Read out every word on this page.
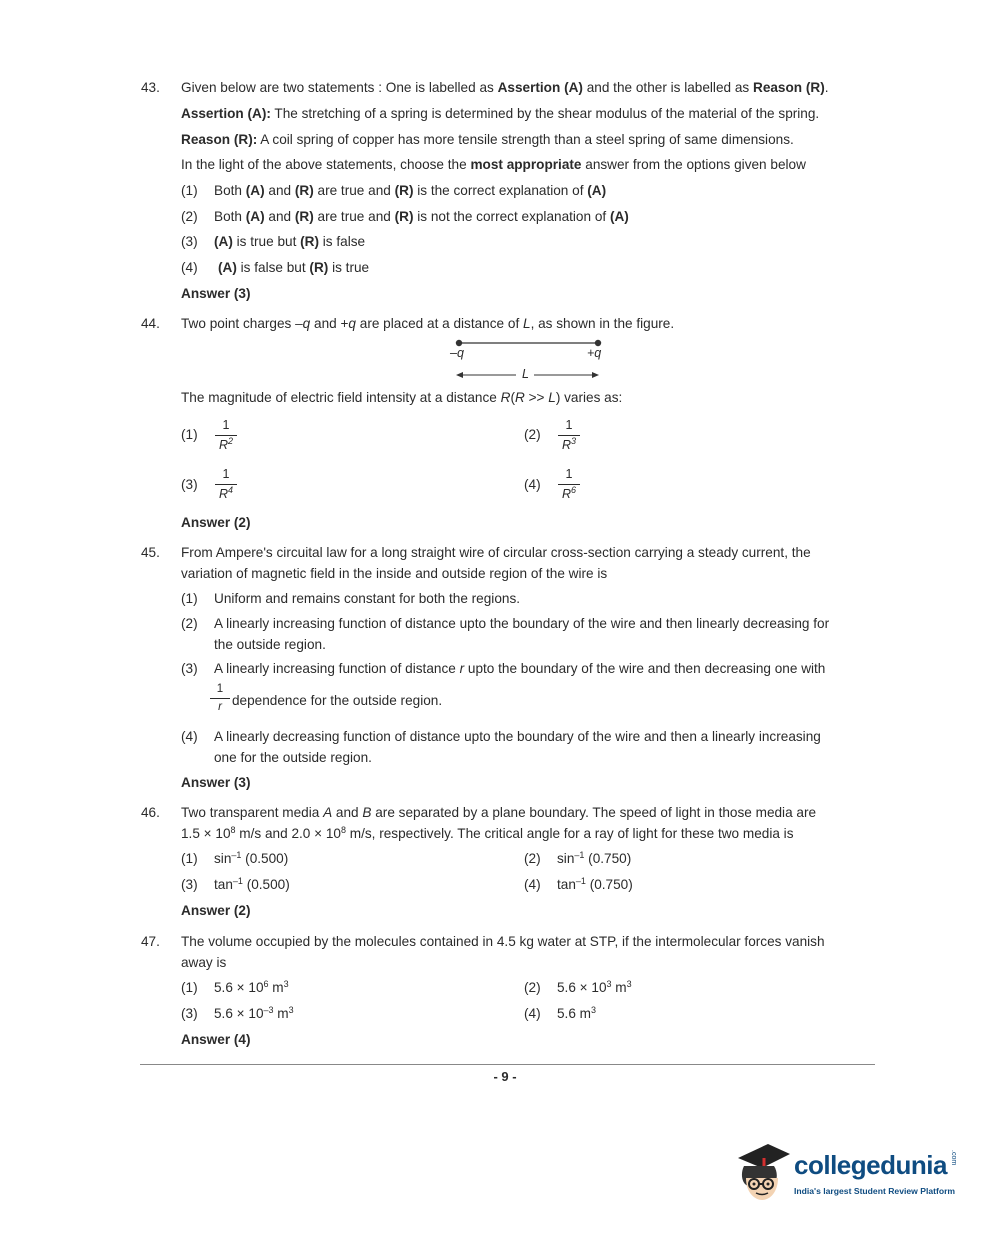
43. Given below are two statements : One is labelled as Assertion (A) and the other is labelled as Reason (R).
Assertion (A): The stretching of a spring is determined by the shear modulus of the material of the spring.
Reason (R): A coil spring of copper has more tensile strength than a steel spring of same dimensions.
In the light of the above statements, choose the most appropriate answer from the options given below
(1) Both (A) and (R) are true and (R) is the correct explanation of (A)
(2) Both (A) and (R) are true and (R) is not the correct explanation of (A)
(3) (A) is true but (R) is false
(4) (A) is false but (R) is true
Answer (3)
44. Two point charges –q and +q are placed at a distance of L, as shown in the figure.
–q	+q
L
The magnitude of electric field intensity at a distance R(R >> L) varies as:
(1)
1
$R^2$	(2)
1
$R^3$
(3)
1
$R^4$	(4)
1
$R^6$
Answer (2)
45. From Ampere's circuital law for a long straight wire of circular cross-section carrying a steady current, the
variation of magnetic field in the inside and outside region of the wire is
(1) Uniform and remains constant for both the regions.
(2) A linearly increasing function of distance upto the boundary of the wire and then linearly decreasing for
the outside region.
(3) A linearly increasing function of distance r upto the boundary of the wire and then decreasing one with
1
r dependence for the outside region.
(4) A linearly decreasing function of distance upto the boundary of the wire and then a linearly increasing
one for the outside region.
Answer (3)
46. Two transparent media A and B are separated by a plane boundary. The speed of light in those media are
$1.5 \times 10^8$ m/s and $2.0 \times 10^8$ m/s, respectively. The critical angle for a ray of light for these two media is
(1) $\sin^{-1} (0.500)$	(2) $\sin^{-1} (0.750)$
(3) $\tan^{-1} (0.500)$	(4) $\tan^{-1} (0.750)$
Answer (2)
47. The volume occupied by the molecules contained in 4.5 kg water at STP, if the intermolecular forces vanish
away is
(1) $5.6 \times 10^6$ $m^3$	(2) $5.6 \times 10^3$ $m^3$
(3) $5.6 \times 10^{-3}$ $m^3$	(4) 5.6 $m^3$
Answer (4)
- 9 -
collegedunia .com
India's largest Student Review Platform
